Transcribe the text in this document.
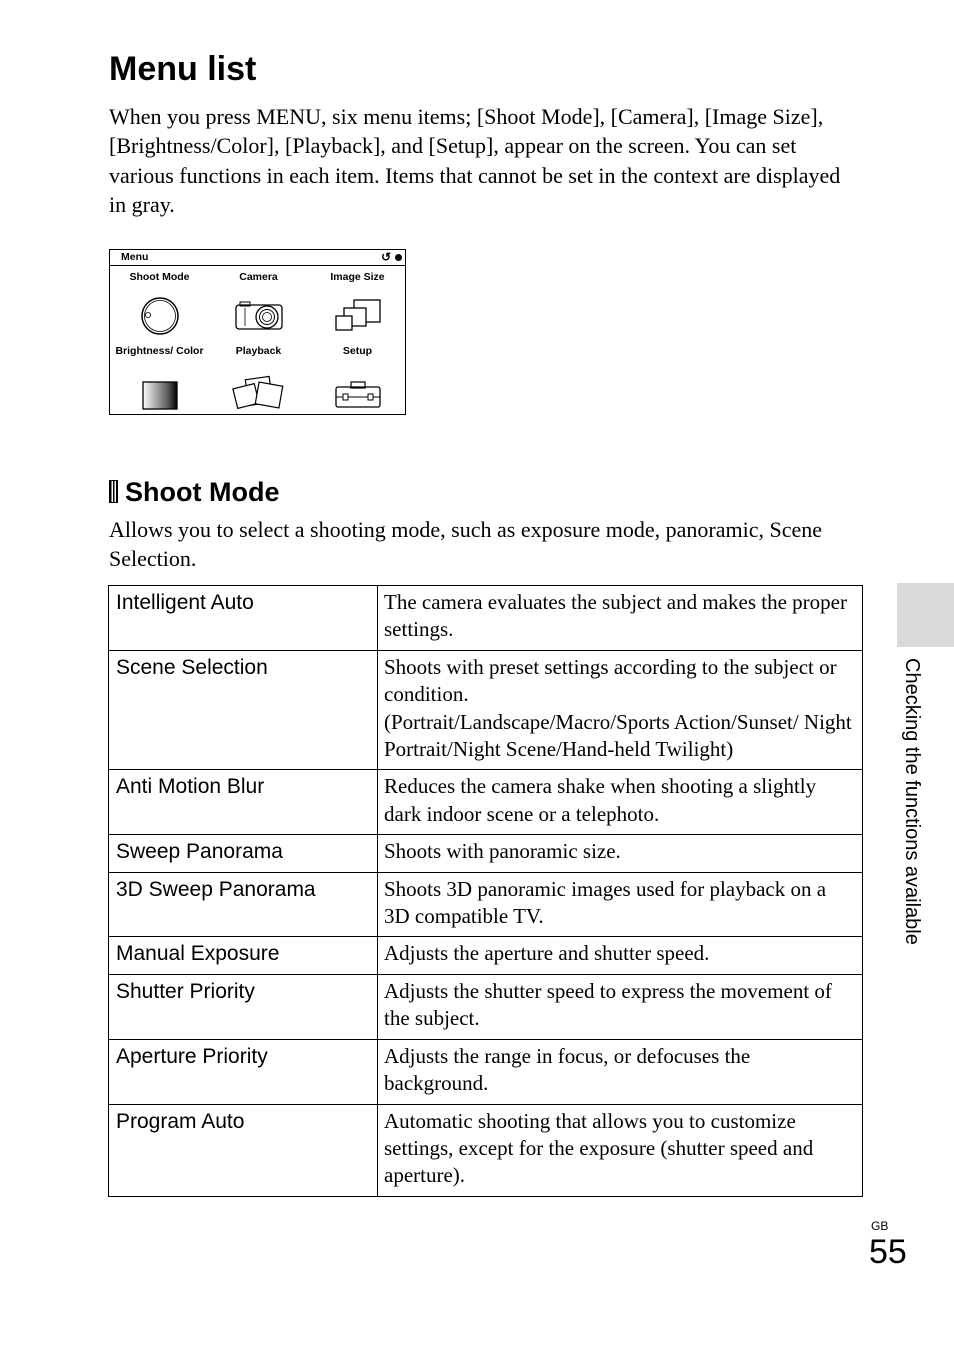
Menu list

When you press MENU, six menu items; [Shoot Mode], [Camera], [Image Size], [Brightness/Color], [Playback], and [Setup], appear on the screen. You can set various functions in each item. Items that cannot be set in the context are displayed in gray.

Menu	↺
Shoot Mode	Camera	Image Size
Brightness/ Color	Playback	Setup
Shoot Mode

Allows you to select a shooting mode, such as exposure mode, panoramic, Scene Selection.

Intelligent Auto	The camera evaluates the subject and makes the proper settings.
Scene Selection	Shoots with preset settings according to the subject or condition.
(Portrait/Landscape/Macro/Sports Action/Sunset/ Night Portrait/Night Scene/Hand-held Twilight)

Anti Motion Blur	Reduces the camera shake when shooting a slightly dark indoor scene or a telephoto.
Sweep Panorama	Shoots with panoramic size.
3D Sweep Panorama	Shoots 3D panoramic images used for playback on a 3D compatible TV.
Manual Exposure	Adjusts the aperture and shutter speed.
Shutter Priority	Adjusts the shutter speed to express the movement of the subject.
Aperture Priority	Adjusts the range in focus, or defocuses the background.
Program Auto	Automatic shooting that allows you to customize settings, except for the exposure (shutter speed and aperture).
Checking the functions available
GB
55
